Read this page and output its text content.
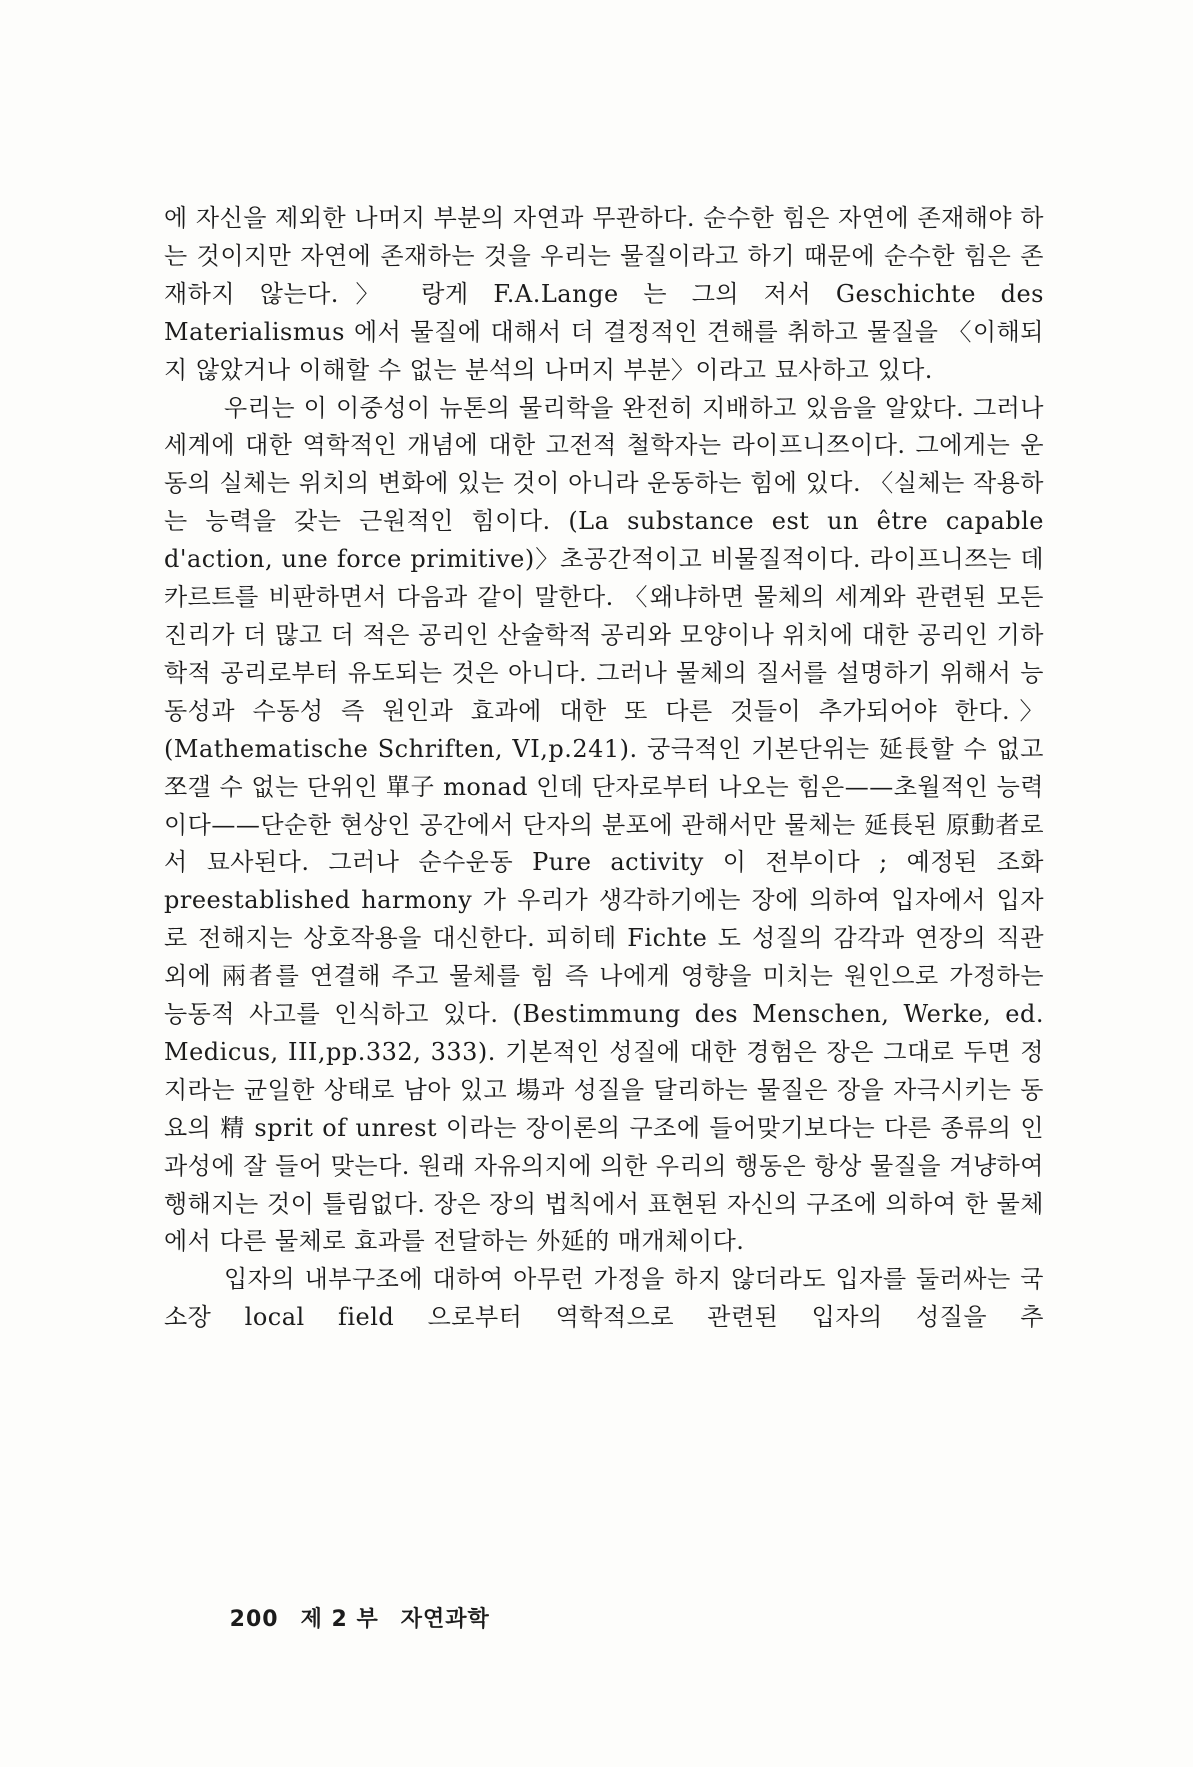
에 자신을 제외한 나머지 부분의 자연과 무관하다. 순수한 힘은 자연에 존재해야 하는 것이지만 자연에 존재하는 것을 우리는 물질이라고 하기 때문에 순수한 힘은 존재하지 않는다.〉 랑게 F.A.Lange 는 그의 저서 Geschichte des Materialismus 에서 물질에 대해서 더 결정적인 견해를 취하고 물질을 〈이해되지 않았거나 이해할 수 없는 분석의 나머지 부분〉이라고 묘사하고 있다.

우리는 이 이중성이 뉴톤의 물리학을 완전히 지배하고 있음을 알았다. 그러나 세계에 대한 역학적인 개념에 대한 고전적 철학자는 라이프니쯔이다. 그에게는 운동의 실체는 위치의 변화에 있는 것이 아니라 운동하는 힘에 있다. 〈실체는 작용하는 능력을 갖는 근원적인 힘이다. (La substance est un être capable d'action, une force primitive)〉초공간적이고 비물질적이다. 라이프니쯔는 데카르트를 비판하면서 다음과 같이 말한다. 〈왜냐하면 물체의 세계와 관련된 모든 진리가 더 많고 더 적은 공리인 산술학적 공리와 모양이나 위치에 대한 공리인 기하학적 공리로부터 유도되는 것은 아니다. 그러나 물체의 질서를 설명하기 위해서 능동성과 수동성 즉 원인과 효과에 대한 또 다른 것들이 추가되어야 한다.〉 (Mathematische Schriften, VI,p.241). 궁극적인 기본단위는 延長할 수 없고 쪼갤 수 없는 단위인 單子 monad 인데 단자로부터 나오는 힘은——초월적인 능력이다——단순한 현상인 공간에서 단자의 분포에 관해서만 물체는 延長된 原動者로서 묘사된다. 그러나 순수운동 Pure activity 이 전부이다 ; 예정된 조화 preestablished harmony 가 우리가 생각하기에는 장에 의하여 입자에서 입자로 전해지는 상호작용을 대신한다. 피히테 Fichte 도 성질의 감각과 연장의 직관 외에 兩者를 연결해 주고 물체를 힘 즉 나에게 영향을 미치는 원인으로 가정하는 능동적 사고를 인식하고 있다. (Bestimmung des Menschen, Werke, ed. Medicus, III,pp.332, 333). 기본적인 성질에 대한 경험은 장은 그대로 두면 정지라는 균일한 상태로 남아 있고 場과 성질을 달리하는 물질은 장을 자극시키는 동요의 精 sprit of unrest 이라는 장이론의 구조에 들어맞기보다는 다른 종류의 인과성에 잘 들어 맞는다. 원래 자유의지에 의한 우리의 행동은 항상 물질을 겨냥하여 행해지는 것이 틀림없다. 장은 장의 법칙에서 표현된 자신의 구조에 의하여 한 물체에서 다른 물체로 효과를 전달하는 外延的 매개체이다.

입자의 내부구조에 대하여 아무런 가정을 하지 않더라도 입자를 둘러싸는 국소장 local field 으로부터 역학적으로 관련된 입자의 성질을 추

200 제 2 부 자연과학
